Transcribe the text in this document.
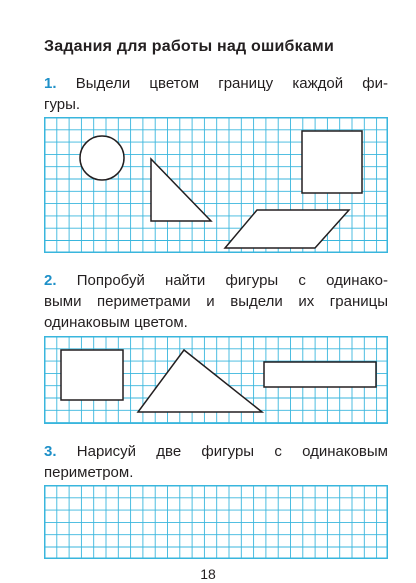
Задания для работы над ошибками
1. Выдели цветом границу каждой фи-
гуры.
2. Попробуй найти фигуры с одинако-
выми периметрами и выдели их границы
одинаковым цветом.
3. Нарисуй две фигуры с одинаковым
периметром.
18
